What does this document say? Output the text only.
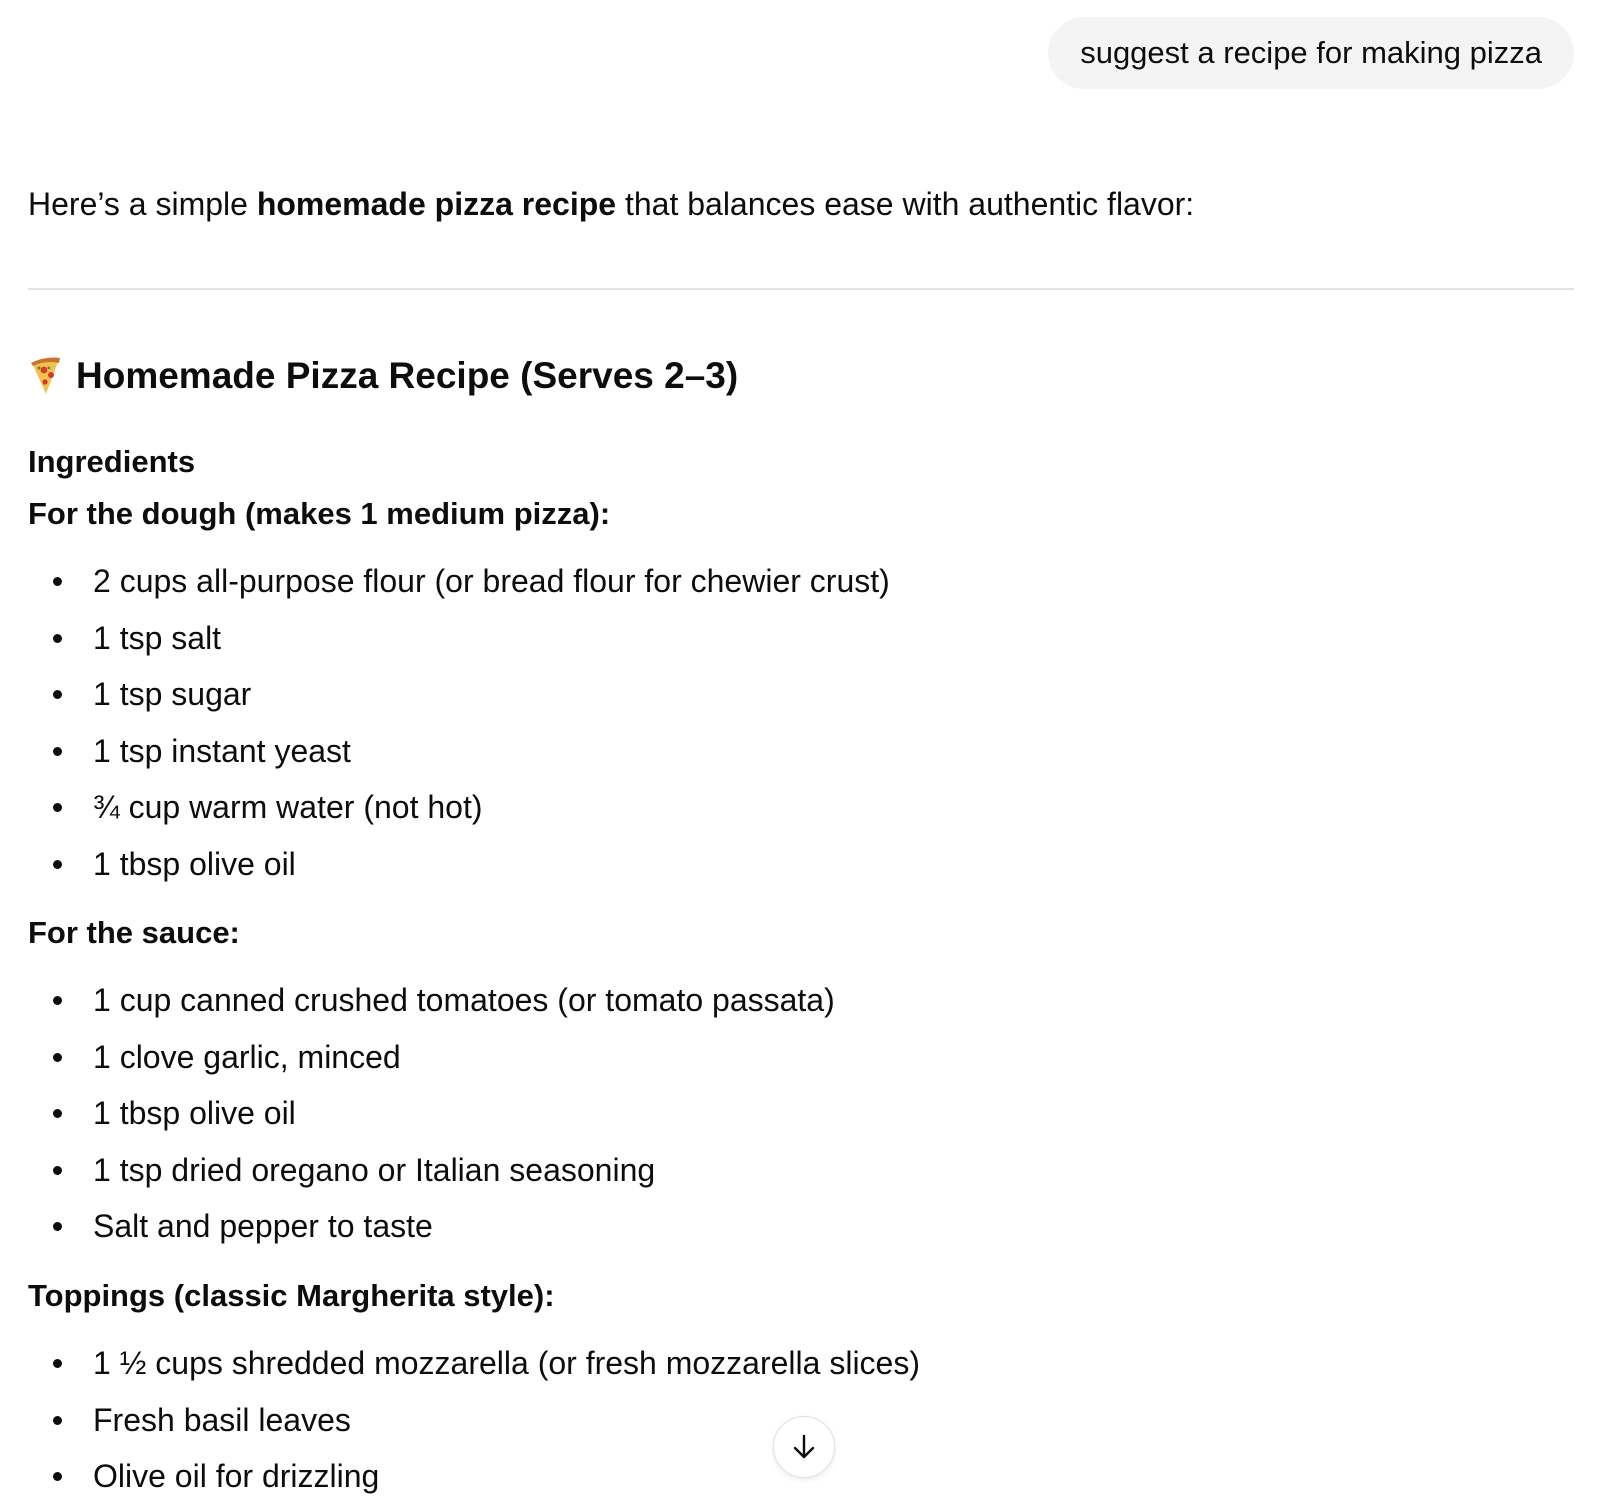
suggest a recipe for making pizza
Here’s a simple homemade pizza recipe that balances ease with authentic flavor:
Homemade Pizza Recipe (Serves 2–3)
Ingredients
For the dough (makes 1 medium pizza):
2 cups all-purpose flour (or bread flour for chewier crust)
1 tsp salt
1 tsp sugar
1 tsp instant yeast
¾ cup warm water (not hot)
1 tbsp olive oil
For the sauce:
1 cup canned crushed tomatoes (or tomato passata)
1 clove garlic, minced
1 tbsp olive oil
1 tsp dried oregano or Italian seasoning
Salt and pepper to taste
Toppings (classic Margherita style):
1 ½ cups shredded mozzarella (or fresh mozzarella slices)
Fresh basil leaves
Olive oil for drizzling
